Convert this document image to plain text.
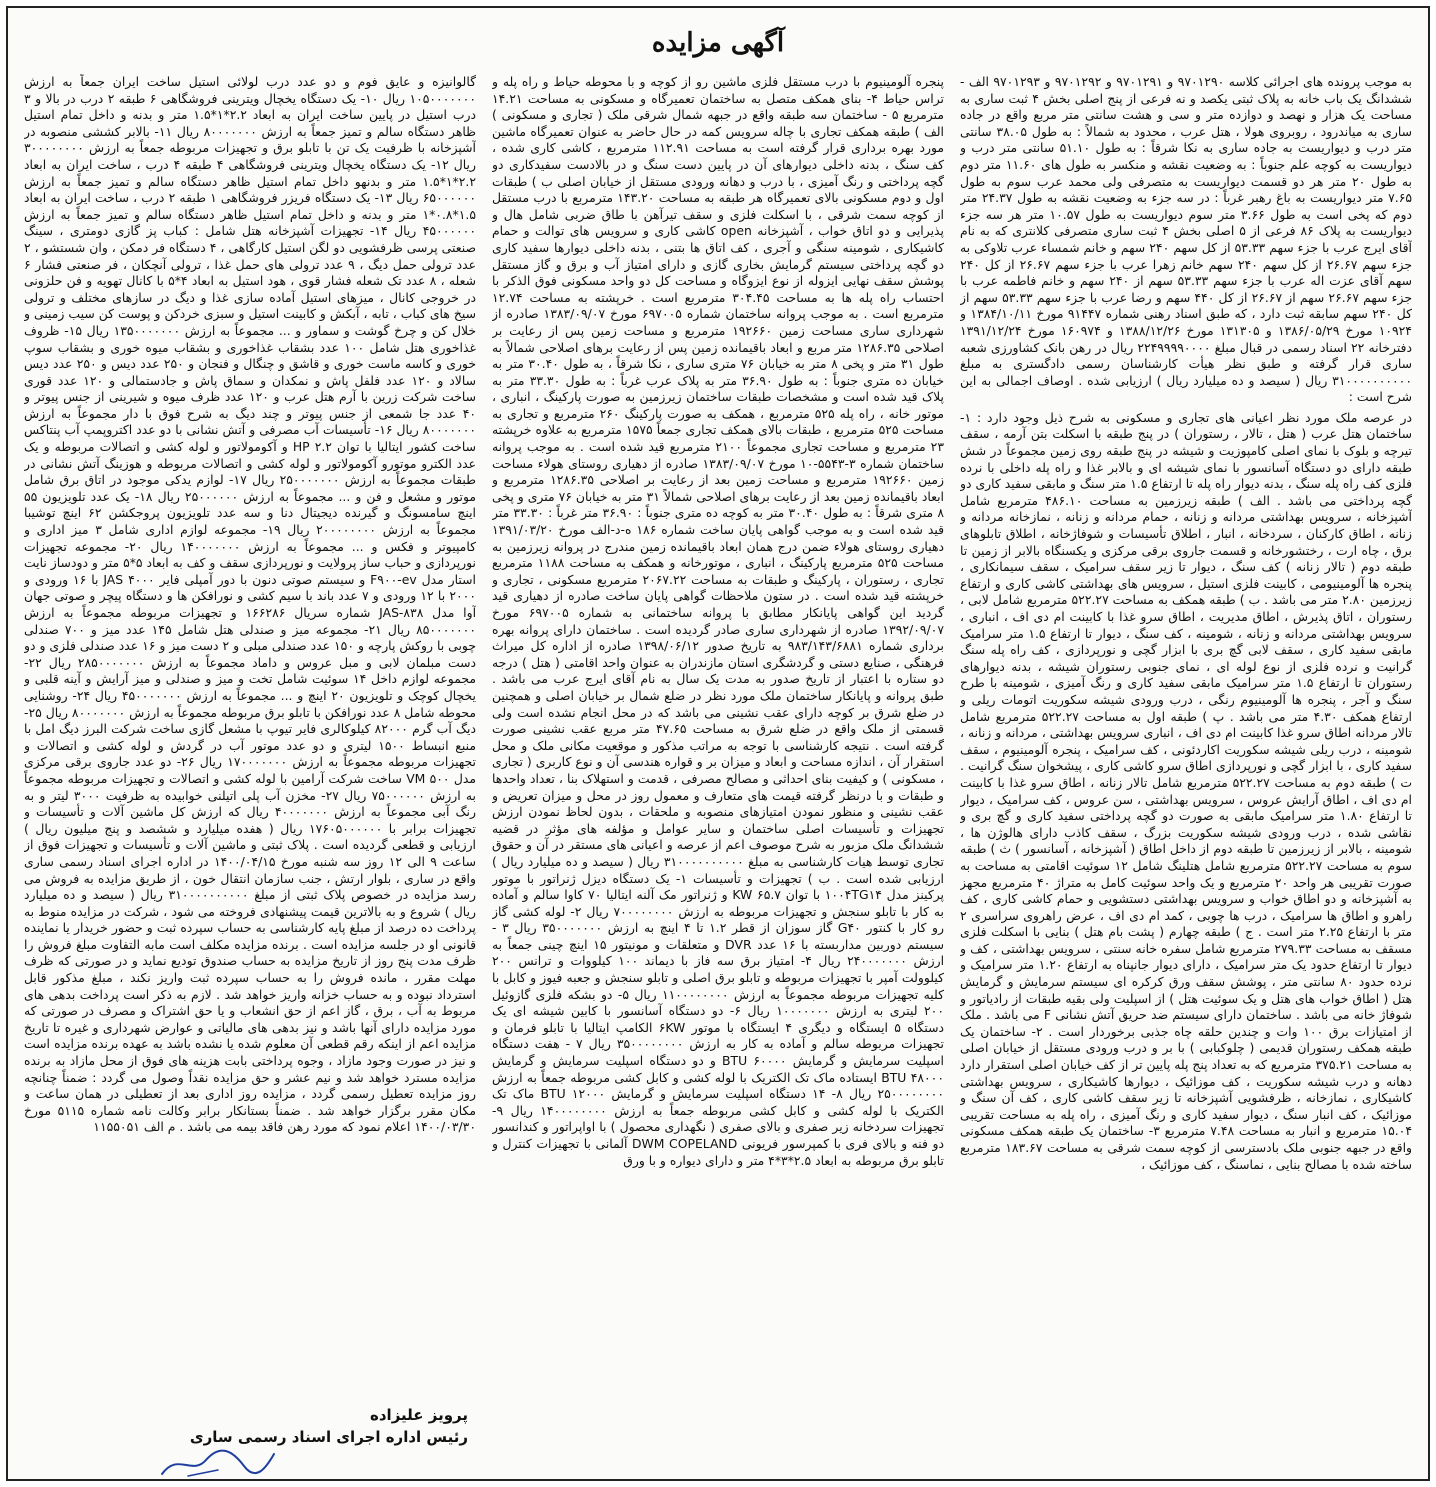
آگهی مزایده

به موجب پرونده های اجرائی کلاسه ۹۷۰۱۲۹۰ و ۹۷۰۱۲۹۱ و ۹۷۰۱۲۹۲ و ۹۷۰۱۲۹۳ الف - ششدانگ یک باب خانه به پلاک ثبتی یکصد و نه فرعی از پنج اصلی بخش ۴ ثبت ساری به مساحت یک هزار و نهصد و دوازده متر و سی و هشت سانتی متر مربع واقع در جاده ساری به میاندرود ، روبروی هولا ، هتل عرب ، محدود به شمالاً : به طول ۳۸.۰۵ سانتی متر درب و دیواریست به جاده ساری به نکا شرقاً : به طول ۵۱.۱۰ سانتی متر درب و دیواریست به کوچه علم جنوباً : به وضعیت نقشه و منکسر به طول های ۱۱.۶۰ متر دوم به طول ۲۰ متر هر دو قسمت دیواریست به متصرفی ولی محمد عرب سوم به طول ۷.۶۵ متر دیواریست به باغ رهبر غرباً : در سه جزء به وضعیت نقشه به طول ۲۴.۳۷ متر دوم که پخی است به طول ۳.۶۶ متر سوم دیواریست به طول ۱۰.۵۷ متر هر سه جزء دیواریست به پلاک ۸۶ فرعی از ۵ اصلی بخش ۴ ثبت ساری متصرفی کلانتری که به نام آقای ایرج عرب با جزء سهم ۵۳.۳۳ از کل سهم ۲۴۰ سهم و خانم شمساء عرب تلاوکی به جزء سهم ۲۶.۶۷ از کل سهم ۲۴۰ سهم خانم زهرا عرب با جزء سهم ۲۶.۶۷ از کل ۲۴۰ سهم آقای عزت اله عرب با جزء سهم ۵۳.۳۳ سهم از ۲۴۰ سهم و خانم فاطمه عرب با جزء سهم ۲۶.۶۷ سهم از ۲۶.۶۷ از کل ۴۴۰ سهم و رضا عرب با جزء سهم ۵۳.۳۳ سهم از کل ۲۴۰ سهم سابقه ثبت دارد ، که طبق اسناد رهنی شماره ۹۱۴۴۷ مورخ ۱۳۸۴/۱۰/۱۱ و ۱۰۹۲۴ مورخ ۱۳۸۶/۰۵/۲۹ و ۱۳۱۳۰۵ مورخ ۱۳۸۸/۱۲/۲۶ و ۱۶۰۹۷۴ مورخ ۱۳۹۱/۱۲/۲۴ دفترخانه ۲۲ اسناد رسمی در قبال مبلغ ۲۲۴۹۹۹۹۰۰۰۰ ریال در رهن بانک کشاورزی شعبه ساری قرار گرفته و طبق نظر هیأت کارشناسان رسمی دادگستری به مبلغ ۳۱۰۰۰۰۰۰۰۰۰۰ ریال ( سیصد و ده میلیارد ریال ) ارزیابی شده . اوصاف اجمالی به این شرح است :

در عرصه ملک مورد نظر اعیانی های تجاری و مسکونی به شرح ذیل وجود دارد : ۱- ساختمان هتل عرب ( هتل ، تالار ، رستوران ) در پنج طبقه با اسکلت بتن آرمه ، سقف تیرچه و بلوک با نمای اصلی کامپوزیت و شیشه در پنج طبقه روی زمین مجموعاً در شش طبقه دارای دو دستگاه آسانسور با نمای شیشه ای و بالابر غذا و راه پله داخلی با نرده فلزی کف راه پله سنگ ، بدنه دیوار راه پله تا ارتفاع ۱.۵ متر سنگ و مابقی سفید کاری دو گچه پرداختی می باشد . الف ) طبقه زیرزمین به مساحت ۴۸۶.۱۰ مترمربع شامل آشپزخانه ، سرویس بهداشتی مردانه و زنانه ، حمام مردانه و زنانه ، نمازخانه مردانه و زنانه ، اطاق کارکنان ، سردخانه ، انبار ، اطلاق تأسیسات و شوفاژخانه ، اطلاق تابلوهای برق ، چاه ارت ، رختشورخانه و قسمت جاروی برقی مرکزی و یکسنگاه بالابر از زمین تا طبقه دوم ( تالار زنانه ) کف سنگ ، دیوار تا زیر سقف سرامیک ، سقف سیمانکاری ، پنجره ها آلومینیومی ، کابینت فلزی استیل ، سرویس های بهداشتی کاشی کاری و ارتفاع زیرزمین ۲.۸۰ متر می باشد . ب ) طبقه همکف به مساحت ۵۲۲.۲۷ مترمربع شامل لابی ، رستوران ، اتاق پذیرش ، اطاق مدیریت ، اطاق سرو غذا با کابینت ام دی اف ، انباری ، سرویس بهداشتی مردانه و زنانه ، شومینه ، کف سنگ ، دیوار تا ارتفاع ۱.۵ متر سرامیک مابقی سفید کاری ، سقف لابی گچ بری با ابزار گچی و نورپردازی ، کف راه پله سنگ گرانیت و نرده فلزی از نوع لوله ای ، نمای جنوبی رستوران شیشه ، بدنه دیوارهای رستوران تا ارتفاع ۱.۵ متر سرامیک مابقی سفید کاری و رنگ آمیزی ، شومینه با طرح سنگ و آجر ، پنجره ها آلومینیوم رنگی ، درب ورودی شیشه سکوریت اتومات ریلی و ارتفاع همکف ۴.۳۰ متر می باشد . پ ) طبقه اول به مساحت ۵۲۲.۲۷ مترمربع شامل تالار مردانه اطاق سرو غذا کابینت ام دی اف ، انباری سرویس بهداشتی ، مردانه و زنانه ، شومینه ، درب ریلی شیشه سکوریت اکاردئونی ، کف سرامیک ، پنجره آلومینیوم ، سقف سفید کاری ، با ابزار گچی و نورپردازی اطاق سرو کاشی کاری ، پیشخوان سنگ گرانیت . ت ) طبقه دوم به مساحت ۵۲۲.۲۷ مترمربع شامل تالار زنانه ، اطاق سرو غذا با کابینت ام دی اف ، اطاق آرایش عروس ، سرویس بهداشتی ، سن عروس ، کف سرامیک ، دیوار تا ارتفاع ۱.۸۰ متر سرامیک مابقی به صورت دو گچه پرداختی سفید کاری و گچ بری و نقاشی شده ، درب ورودی شیشه سکوریت بزرگ ، سقف کاذب دارای هالوژن ها ، شومینه ، بالابر از زیرزمین تا طبقه دوم از داخل اطاق ( آشپزخانه ، آسانسور ) ث ) طبقه سوم به مساحت ۵۲۲.۲۷ مترمربع شامل هتلینگ شامل ۱۲ سوئیت اقامتی به مساحت به صورت تقریبی هر واحد ۲۰ مترمربع و یک واحد سوئیت کامل به متراژ ۴۰ مترمربع مجهز به آشپزخانه و دو اطاق خواب و سرویس بهداشتی دستشویی و حمام کاشی کاری ، کف راهرو و اطاق ها سرامیک ، درب ها چوبی ، کمد ام دی اف ، عرض راهروی سراسری ۲ متر با ارتفاع ۲.۲۵ متر است . ج ) طبقه چهارم ( پشت بام هتل ) بنایی با اسکلت فلزی مسقف به مساحت ۲۷۹.۳۳ مترمربع شامل سفره خانه سنتی ، سرویس بهداشتی ، کف و دیوار تا ارتفاع حدود یک متر سرامیک ، دارای دیوار جانپناه به ارتفاع ۱.۲۰ متر سرامیک و نرده حدود ۸۰ سانتی متر ، پوشش سقف ورق کرکره ای سیستم سرمایش و گرمایش هتل ( اطاق خواب های هتل و یک سوئیت هتل ) از اسپلیت ولی بقیه طبقات از رادیاتور و شوفاژ خانه می باشد . ساختمان دارای سیستم ضد حریق آتش نشانی F می باشد . ملک از امتیازات برق ۱۰۰ وات و چندین حلقه چاه جذبی برخوردار است . ۲- ساختمان یک طبقه همکف رستوران قدیمی ( چلوکبابی ) با بر و درب ورودی مستقل از خیابان اصلی به مساحت ۳۷۵.۲۱ مترمربع که به تعداد پنج پله پایین تر از کف خیابان اصلی استقرار دارد دهانه و درب شیشه سکوریت ، کف موزائیک ، دیوارها کاشیکاری ، سرویس بهداشتی کاشیکاری ، نمازخانه ، ظرفشویی آشپزخانه تا زیر سقف کاشی کاری ، کف آن سنگ و موزائیک ، کف انبار سنگ ، دیوار سفید کاری و رنگ آمیزی ، راه پله به مساحت تقریبی ۱۵.۰۴ مترمربع و انبار به مساحت ۷.۴۸ مترمربع ۳- ساختمان یک طبقه همکف مسکونی واقع در جبهه جنوبی ملک بادسترسی از کوچه سمت شرقی به مساحت ۱۸۳.۶۷ مترمربع ساخته شده با مصالح بنایی ، نماسنگ ، کف موزائیک ،

پنجره آلومینیوم با درب مستقل فلزی ماشین رو از کوچه و با محوطه حیاط و راه پله و تراس حیاط ۴- بنای همکف متصل به ساختمان تعمیرگاه و مسکونی به مساحت ۱۴.۲۱ مترمربع ۵ - ساختمان سه طبقه واقع در جبهه شمال شرقی ملک ( تجاری و مسکونی ) الف ) طبقه همکف تجاری با چاله سرویس کمه در حال حاضر به عنوان تعمیرگاه ماشین مورد بهره برداری قرار گرفته است به مساحت ۱۱۲.۹۱ مترمربع ، کاشی کاری شده ، کف سنگ ، بدنه داخلی دیوارهای آن در پایین دست سنگ و در بالادست سفیدکاری دو گچه پرداختی و رنگ آمیزی ، با درب و دهانه ورودی مستقل از خیابان اصلی ب ) طبقات اول و دوم مسکونی بالای تعمیرگاه هر طبقه به مساحت ۱۴۳.۲۰ مترمربع با درب مستقل از کوچه سمت شرقی ، با اسکلت فلزی و سقف تیرآهن با طاق ضربی شامل هال و پذیرایی و دو اتاق خواب ، آشپزخانه open کاشی کاری و سرویس های توالت و حمام کاشیکاری ، شومینه سنگی و آجری ، کف اتاق ها بتنی ، بدنه داخلی دیوارها سفید کاری دو گچه پرداختی سیستم گرمایش بخاری گازی و دارای امتیاز آب و برق و گاز مستقل پوشش سقف نهایی ایزوله از نوع ایزوگاه و مساحت کل دو واحد مسکونی فوق الذکر با احتساب راه پله ها به مساحت ۳۰۴.۴۵ مترمربع است . خرپشته به مساحت ۱۲.۷۴ مترمربع است . به موجب پروانه ساختمان شماره ۶۹۷۰۰۵ مورخ ۱۳۸۳/۰۹/۰۷ صادره از شهرداری ساری مساحت زمین ۱۹۲۶۶۰ مترمربع و مساحت زمین پس از رعایت بر اصلاحی ۱۲۸۶.۳۵ متر مربع و ابعاد باقیمانده زمین پس از رعایت برهای اصلاحی شمالاً به طول ۳۱ متر و پخی ۸ متر به خیابان ۷۶ متری ساری ، نکا شرقاً ، به طول ۳۰.۴۰ متر به خیابان ده متری جنوباً : به طول ۳۶.۹۰ متر به پلاک عرب غرباً : به طول ۳۳.۳۰ متر به پلاک قید شده است و مشخصات طبقات ساختمان زیرزمین به صورت پارکینگ ، انباری ، موتور خانه ، راه پله ۵۲۵ مترمربع ، همکف به صورت پارکینگ ۲۶۰ مترمربع و تجاری به مساحت ۵۲۵ مترمربع ، طبقات بالای همکف تجاری جمعاً ۱۵۷۵ مترمربع به علاوه خرپشته ۲۳ مترمربع و مساحت تجاری مجموعاً ۲۱۰۰ مترمربع قید شده است . به موجب پروانه ساختمان شماره ۳-۵۵۴۳-۱۰ مورخ ۱۳۸۳/۰۹/۰۷ صادره از دهیاری روستای هولاء مساحت زمین ۱۹۲۶۶۰ مترمربع و مساحت زمین بعد از رعایت بر اصلاحی ۱۲۸۶.۳۵ مترمربع و ابعاد باقیمانده زمین بعد از رعایت برهای اصلاحی شمالاً ۳۱ متر به خیابان ۷۶ متری و پخی ۸ متری شرقاً : به طول ۳۰.۴۰ متر به کوچه ده متری جنوباً : ۳۶.۹۰ متر غرباً : ۳۳.۳۰ متر قید شده است و به موجب گواهی پایان ساخت شماره ۱۸۶ ه-د-الف مورخ ۱۳۹۱/۰۳/۲۰ دهیاری روستای هولاء ضمن درج همان ابعاد باقیمانده زمین مندرج در پروانه زیرزمین به مساحت ۵۲۵ مترمربع پارکینگ ، انباری ، موتورخانه و همکف به مساحت ۱۱۸۸ مترمربع تجاری ، رستوران ، پارکینگ و طبقات به مساحت ۲۰۶۷.۲۲ مترمربع مسکونی ، تجاری و خرپشته قید شده است . در ستون ملاحظات گواهی پایان ساخت صادره از دهیاری قید گردید این گواهی پایانکار مطابق با پروانه ساختمانی به شماره ۶۹۷۰۰۵ مورخ ۱۳۹۲/۰۹/۰۷ صادره از شهرداری ساری صادر گردیده است . ساختمان دارای پروانه بهره برداری شماره ۹۸۳/۱۴۳/۶۸۸۱ به تاریخ صدور ۱۳۹۸/۰۶/۱۲ صادره از اداره کل میراث فرهنگی ، صنایع دستی و گردشگری استان مازندران به عنوان واحد اقامتی ( هتل ) درجه دو ستاره با اعتبار از تاریخ صدور به مدت یک سال به نام آقای ایرج عرب می باشد . طبق پروانه و پایانکار ساختمان ملک مورد نظر در ضلع شمال بر خیابان اصلی و همچنین در ضلع شرق بر کوچه دارای عقب نشینی می باشد که در محل انجام نشده است ولی قسمتی از ملک واقع در ضلع شرق به مساحت ۴۷.۶۵ متر مربع عقب نشینی صورت گرفته است . نتیجه کارشناسی با توجه به مراتب مذکور و موقعیت مکانی ملک و محل استقرار آن ، اندازه مساحت و ابعاد و میزان بر و قواره هندسی آن و نوع کاربری ( تجاری ، مسکونی ) و کیفیت بنای احداثی و مصالح مصرفی ، قدمت و استهلاک بنا ، تعداد واحدها و طبقات و با درنظر گرفته قیمت های متعارف و معمول روز در محل و میزان تعریض و عقب نشینی و منظور نمودن امتیازهای منصوبه و ملحقات ، بدون لحاظ نمودن ارزش تجهیزات و تأسیسات اصلی ساختمان و سایر عوامل و مؤلفه های مؤثر در قضیه ششدانگ ملک مزبور به شرح موصوف اعم از عرصه و اعیانی های مستقر در آن و حقوق تجاری توسط هیات کارشناسی به مبلغ ۳۱۰۰۰۰۰۰۰۰۰۰ ریال ( سیصد و ده میلیارد ریال ) ارزیابی شده است . ب ) تجهیزات و تأسیسات ۱- یک دستگاه دیزل ژنراتور با موتور پرکینز مدل ۱۰۰۴TG۱۴ با توان ۶۵.۷ KW و ژنراتور مک آلنه ایتالیا ۷۰ کاوا سالم و آماده به کار با تابلو سنجش و تجهیزات مربوطه به ارزش ۷۰۰۰۰۰۰۰۰ ریال ۲- لوله کشی گاز رو کار با کنتور G۴۰ گاز سوزان از قطر ۱.۲ تا ۴ اینچ به ارزش ۳۵۰۰۰۰۰۰۰ ریال ۳ - سیستم دوربین مداربسته با ۱۶ عدد DVR و متعلقات و مونیتور ۱۵ اینچ چینی جمعاً به ارزش ۲۴۰۰۰۰۰۰۰ ریال ۴- امتیاز برق سه فاز با دیماند ۱۰۰ کیلووات و ترانس ۲۰۰ کیلوولت آمپر با تجهیزات مربوطه و تابلو برق اصلی و تابلو سنجش و جعبه فیوز و کابل با کلیه تجهیزات مربوطه مجموعاً به ارزش ۱۱۰۰۰۰۰۰۰۰ ریال ۵- دو بشکه فلزی گازوئیل ۲۰۰ لیتری به ارزش ۱۰۰۰۰۰۰۰ ریال ۶- دو دستگاه آسانسور با کابین شیشه ای یک دستگاه ۵ ایستگاه و دیگری ۴ ایستگاه با موتور ۶KW الکامپ ایتالیا با تابلو فرمان و تجهیزات مربوطه سالم و آماده به کار به ارزش ۳۵۰۰۰۰۰۰۰۰ ریال ۷ - هفت دستگاه اسپلیت سرمایش و گرمایش ۶۰۰۰۰ BTU و دو دستگاه اسپلیت سرمایش و گرمایش ۴۸۰۰۰ BTU ایستاده ماک تک الکتریک با لوله کشی و کابل کشی مربوطه جمعاً به ارزش ۲۵۰۰۰۰۰۰۰۰ ریال ۸- ۱۴ دستگاه اسپلیت سرمایش و گرمایش ۱۲۰۰۰ BTU ماک تک الکتریک با لوله کشی و کابل کشی مربوطه جمعاً به ارزش ۱۴۰۰۰۰۰۰۰۰ ریال ۹- تجهیزات سردخانه زیر صفری و بالای صفری ( نگهداری محصول ) با اواپراتور و کندانسور دو فنه و بالای فری با کمپرسور فریونی DWM COPELAND آلمانی با تجهیزات کنترل و تابلو برق مربوطه به ابعاد ۲.۵*۳*۴ متر و دارای دیواره و با ورق

گالوانیزه و عایق فوم و دو عدد درب لولائی استیل ساخت ایران جمعاً به ارزش ۱۰۵۰۰۰۰۰۰۰ ریال ۱۰- یک دستگاه یخچال ویترینی فروشگاهی ۶ طبقه ۲ درب در بالا و ۳ درب استیل در پایین ساخت ایران به ابعاد ۲.۲*۱*۱.۵ متر و بدنه و داخل تمام استیل ظاهر دستگاه سالم و تمیز جمعاً به ارزش ۸۰۰۰۰۰۰۰ ریال ۱۱- بالابر کششی منصوبه در آشپزخانه با ظرفیت یک تن با تابلو برق و تجهیزات مربوطه جمعاً به ارزش ۳۰۰۰۰۰۰۰۰ ریال ۱۲- یک دستگاه یخچال ویترینی فروشگاهی ۴ طبقه ۴ درب ، ساخت ایران به ابعاد ۲.۲*۱*۱.۵ متر و بدنهو داخل تمام استیل ظاهر دستگاه سالم و تمیز جمعاً به ارزش ۶۵۰۰۰۰۰۰ ریال ۱۳- یک دستگاه فریزر فروشگاهی ۱ طبقه ۲ درب ، ساخت ایران به ابعاد ۱.۵*۰.۸*۱ متر و بدنه و داخل تمام استیل ظاهر دستگاه سالم و تمیز جمعاً به ارزش ۴۵۰۰۰۰۰۰ ریال ۱۴- تجهیزات آشپزخانه هتل شامل : کباب پز گازی دومتری ، سینگ صنعتی پرسی ظرفشویی دو لگن استیل کارگاهی ، ۴ دستگاه فر دمکن ، وان شستشو ، ۲ عدد ترولی حمل دیگ ، ۹ عدد ترولی های حمل غذا ، ترولی آنچکان ، فر صنعتی فشار ۶ شعله ، ۸ عدد تک شعله فشار قوی ، هود استیل به ابعاد ۴*۵ با کانال تهویه و فن حلزونی در خروجی کانال ، میزهای استیل آماده سازی غذا و دیگ در سازهای مختلف و ترولی سیخ های کباب ، تابه ، آبکش و کابینت استیل و سبزی خردکن و پوست کن سیب زمینی و خلال کن و چرخ گوشت و سماور و ... مجموعاً به ارزش ۱۳۵۰۰۰۰۰۰۰ ریال ۱۵- ظروف غذاخوری هتل شامل ۱۰۰ عدد بشقاب غذاخوری و بشقاب میوه خوری و بشقاب سوپ خوری و کاسه ماست خوری و قاشق و چنگال و فنجان و ۲۵۰ عدد دیس و ۲۵۰ عدد دیس سالاد و ۱۲۰ عدد فلفل پاش و نمکدان و سماق پاش و جادستمالی و ۱۲۰ عدد قوری ساخت شرکت زرین با آرم هتل عرب و ۱۲۰ عدد ظرف میوه و شیرینی از جنس پیوتر و ۴۰ عدد جا شمعی از جنس پیوتر و چند دیگ به شرح فوق با دار مجموعاً به ارزش ۸۰۰۰۰۰۰۰ ریال ۱۶- تأسیسات آب مصرفی و آتش نشانی با دو عدد اکتروپمپ آب پنتاکس ساخت کشور ایتالیا با توان HP ۲.۲ و آکومولاتور و لوله کشی و اتصالات مربوطه و یک عدد الکترو موتورو آکومولاتور و لوله کشی و اتصالات مربوطه و هوزینگ آتش نشانی در طبقات مجموعاً به ارزش ۲۵۰۰۰۰۰۰۰ ریال ۱۷- لوازم یدکی موجود در اتاق برق شامل موتور و مشعل و فن و ... مجموعاً به ارزش ۲۵۰۰۰۰۰۰ ریال ۱۸- یک عدد تلویزیون ۵۵ اینچ سامسونگ و گیرنده دیجیتال دنا و سه عدد تلویزیون پروجکشن ۶۲ اینچ توشیبا مجموعاً به ارزش ۲۰۰۰۰۰۰۰۰ ریال ۱۹- مجموعه لوازم اداری شامل ۳ میز اداری و کامپیوتر و فکس و ... مجموعاً به ارزش ۱۴۰۰۰۰۰۰۰ ریال ۲۰- مجموعه تجهیزات نورپردازی و حباب ساز پرولایت و نورپردازی سقف و کف به ابعاد ۵*۵ متر و دودساز نایت استار مدل F۹۰۰-ev و سیستم صوتی دنون با دور آمپلی فایر ۴۰۰۰ JAS با ۱۶ ورودی و ۲۰۰۰ با ۱۲ ورودی و ۷ عدد باند با سیم کشی و نورافکن ها و دستگاه پیچر و صوتی جهان آوا مدل JAS-۸۳۸ شماره سریال ۱۶۶۲۸۶ و تجهیزات مربوطه مجموعاً به ارزش ۸۵۰۰۰۰۰۰۰ ریال ۲۱- مجموعه میز و صندلی هتل شامل ۱۴۵ عدد میز و ۷۰۰ صندلی چوبی با روکش پارچه و ۱۵۰ عدد صندلی مبلی و ۲ دست میز و ۱۶ عدد صندلی فلزی و دو دست مبلمان لابی و مبل عروس و داماد مجموعاً به ارزش ۲۸۵۰۰۰۰۰۰۰ ریال ۲۲- مجموعه لوازم داخل ۱۴ سوئیت شامل تخت و میز و صندلی و میز آرایش و آینه قلبی و یخچال کوچک و تلویزیون ۲۰ اینچ و ... مجموعاً به ارزش ۴۵۰۰۰۰۰۰۰ ریال ۲۴- روشنایی محوطه شامل ۸ عدد نورافکن با تابلو برق مربوطه مجموعاً به ارزش ۸۰۰۰۰۰۰۰ ریال ۲۵- دیگ آب گرم ۸۲۰۰۰ کیلوکالری فایر تیوپ با مشعل گازی ساخت شرکت البرز دیگ امل با منبع انبساط ۱۵۰۰ لیتری و دو عدد موتور آب در گردش و لوله کشی و اتصالات و تجهیزات مربوطه مجموعاً به ارزش ۱۷۰۰۰۰۰۰۰ ریال ۲۶- دو عدد جاروی برقی مرکزی مدل ۵۰۰ VM ساخت شرکت آرامین با لوله کشی و اتصالات و تجهیزات مربوطه مجموعاً به ارزش ۷۵۰۰۰۰۰۰ ریال ۲۷- مخزن آب پلی اتیلنی خوابیده به ظرفیت ۳۰۰۰ لیتر و به رنگ آبی مجموعاً به ارزش ۴۰۰۰۰۰۰۰ ریال که ارزش کل ماشین آلات و تأسیسات و تجهیزات برابر با ۱۷۶۰۵۰۰۰۰۰۰ ریال ( هفده میلیارد و ششصد و پنج میلیون ریال ) ارزیابی و قطعی گردیده است . پلاک ثبتی و ماشین آلات و تأسیسات و تجهیزات فوق از ساعت ۹ الی ۱۲ روز سه شنبه مورخ ۱۴۰۰/۰۴/۱۵ در اداره اجرای اسناد رسمی ساری واقع در ساری ، بلوار ارتش ، جنب سازمان انتقال خون ، از طریق مزایده به فروش می رسد مزایده در خصوص پلاک ثبتی از مبلغ ۳۱۰۰۰۰۰۰۰۰۰۰ ریال ( سیصد و ده میلیارد ریال ) شروع و به بالاترین قیمت پیشنهادی فروخته می شود ، شرکت در مزایده منوط به پرداخت ده درصد از مبلغ پایه کارشناسی به حساب سپرده ثبت و حضور خریدار یا نماینده قانونی او در جلسه مزایده است . برنده مزایده مکلف است مابه التفاوت مبلغ فروش را ظرف مدت پنج روز از تاریخ مزایده به حساب صندوق توديع نماید و در صورتی که ظرف مهلت مقرر ، مانده فروش را به حساب سپرده ثبت واریز نکند ، مبلغ مذکور قابل استرداد نبوده و به حساب خزانه واریز خواهد شد . لازم به ذکر است پرداخت بدهی های مربوط به آب ، برق ، گاز اعم از حق انشعاب و یا حق اشتراک و مصرف در صورتی که مورد مزایده دارای آنها باشد و نیز بدهی های مالیاتی و عوارض شهرداری و غیره تا تاریخ مزایده اعم از اینکه رقم قطعی آن معلوم شده یا نشده باشد به عهده برنده مزایده است و نیز در صورت وجود مازاد ، وجوه پرداختی بابت هزینه های فوق از محل مازاد به برنده مزایده مسترد خواهد شد و نیم عشر و حق مزایده نقداً وصول می گردد : ضمناً چنانچه روز مزایده تعطیل رسمی گردد ، مزایده روز اداری بعد از تعطیلی در همان ساعت و مکان مقرر برگزار خواهد شد . ضمناً بستانکار برابر وکالت نامه شماره ۵۱۱۵ مورخ ۱۴۰۰/۰۳/۳۰ اعلام نمود که مورد رهن فاقد بیمه می باشد . م الف ۱۱۵۵۰۵۱

پرویز علیزاده
رئیس اداره اجرای اسناد رسمی ساری
